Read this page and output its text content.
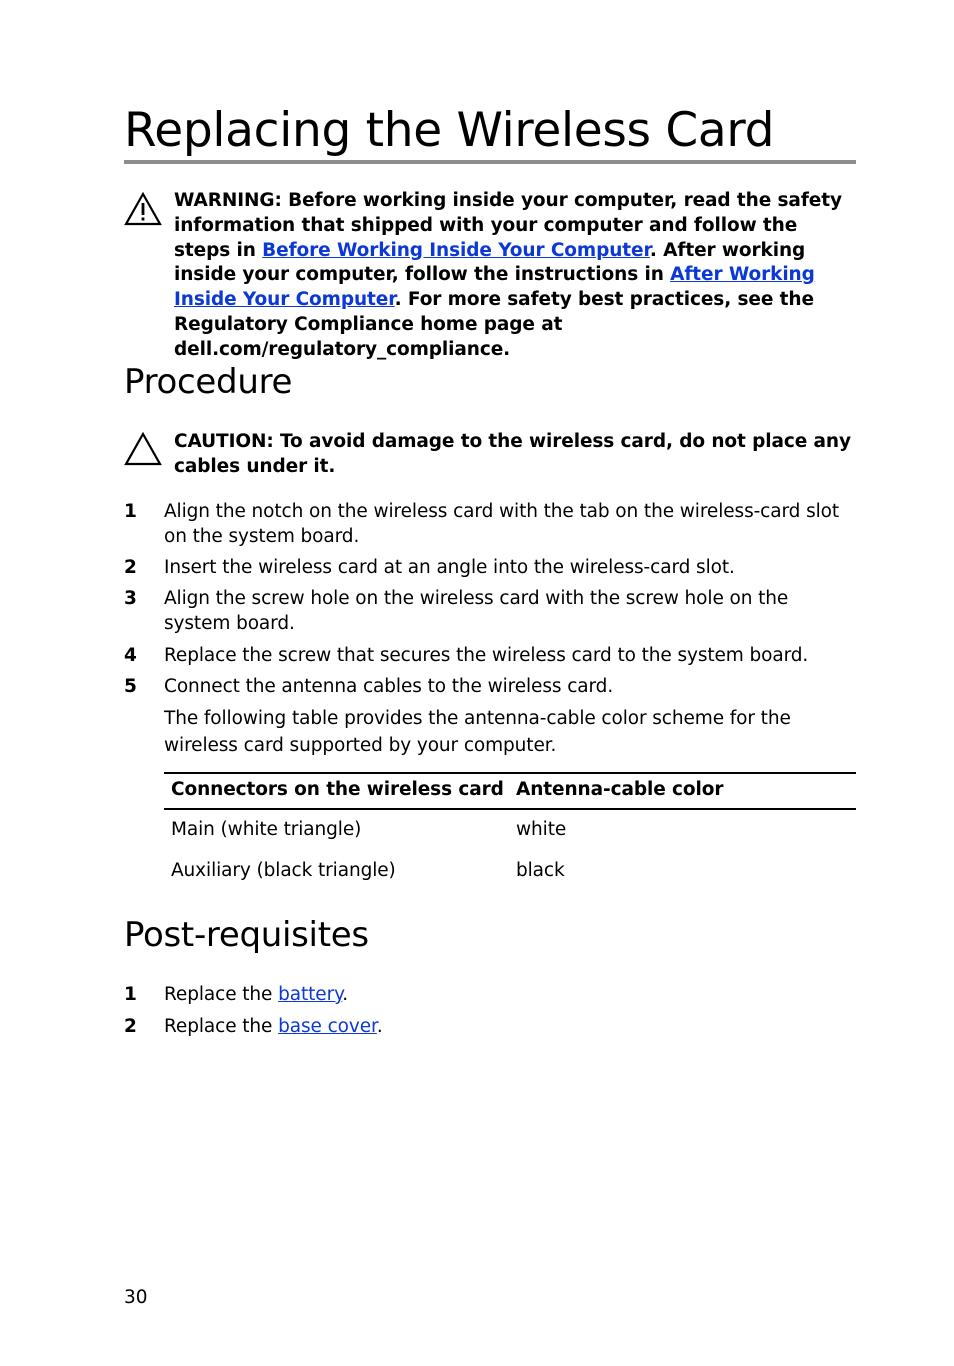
Replacing the Wireless Card
WARNING: Before working inside your computer, read the safety information that shipped with your computer and follow the steps in Before Working Inside Your Computer. After working inside your computer, follow the instructions in After Working Inside Your Computer. For more safety best practices, see the Regulatory Compliance home page at dell.com/regulatory_compliance.
Procedure
CAUTION: To avoid damage to the wireless card, do not place any cables under it.
1 Align the notch on the wireless card with the tab on the wireless-card slot on the system board.
2 Insert the wireless card at an angle into the wireless-card slot.
3 Align the screw hole on the wireless card with the screw hole on the system board.
4 Replace the screw that secures the wireless card to the system board.
5 Connect the antenna cables to the wireless card.
The following table provides the antenna-cable color scheme for the wireless card supported by your computer.
Connectors on the wireless card Antenna-cable color
Main (white triangle)	white
Auxiliary (black triangle)	black
Post-requisites
1 Replace the battery.
2 Replace the base cover.
30
